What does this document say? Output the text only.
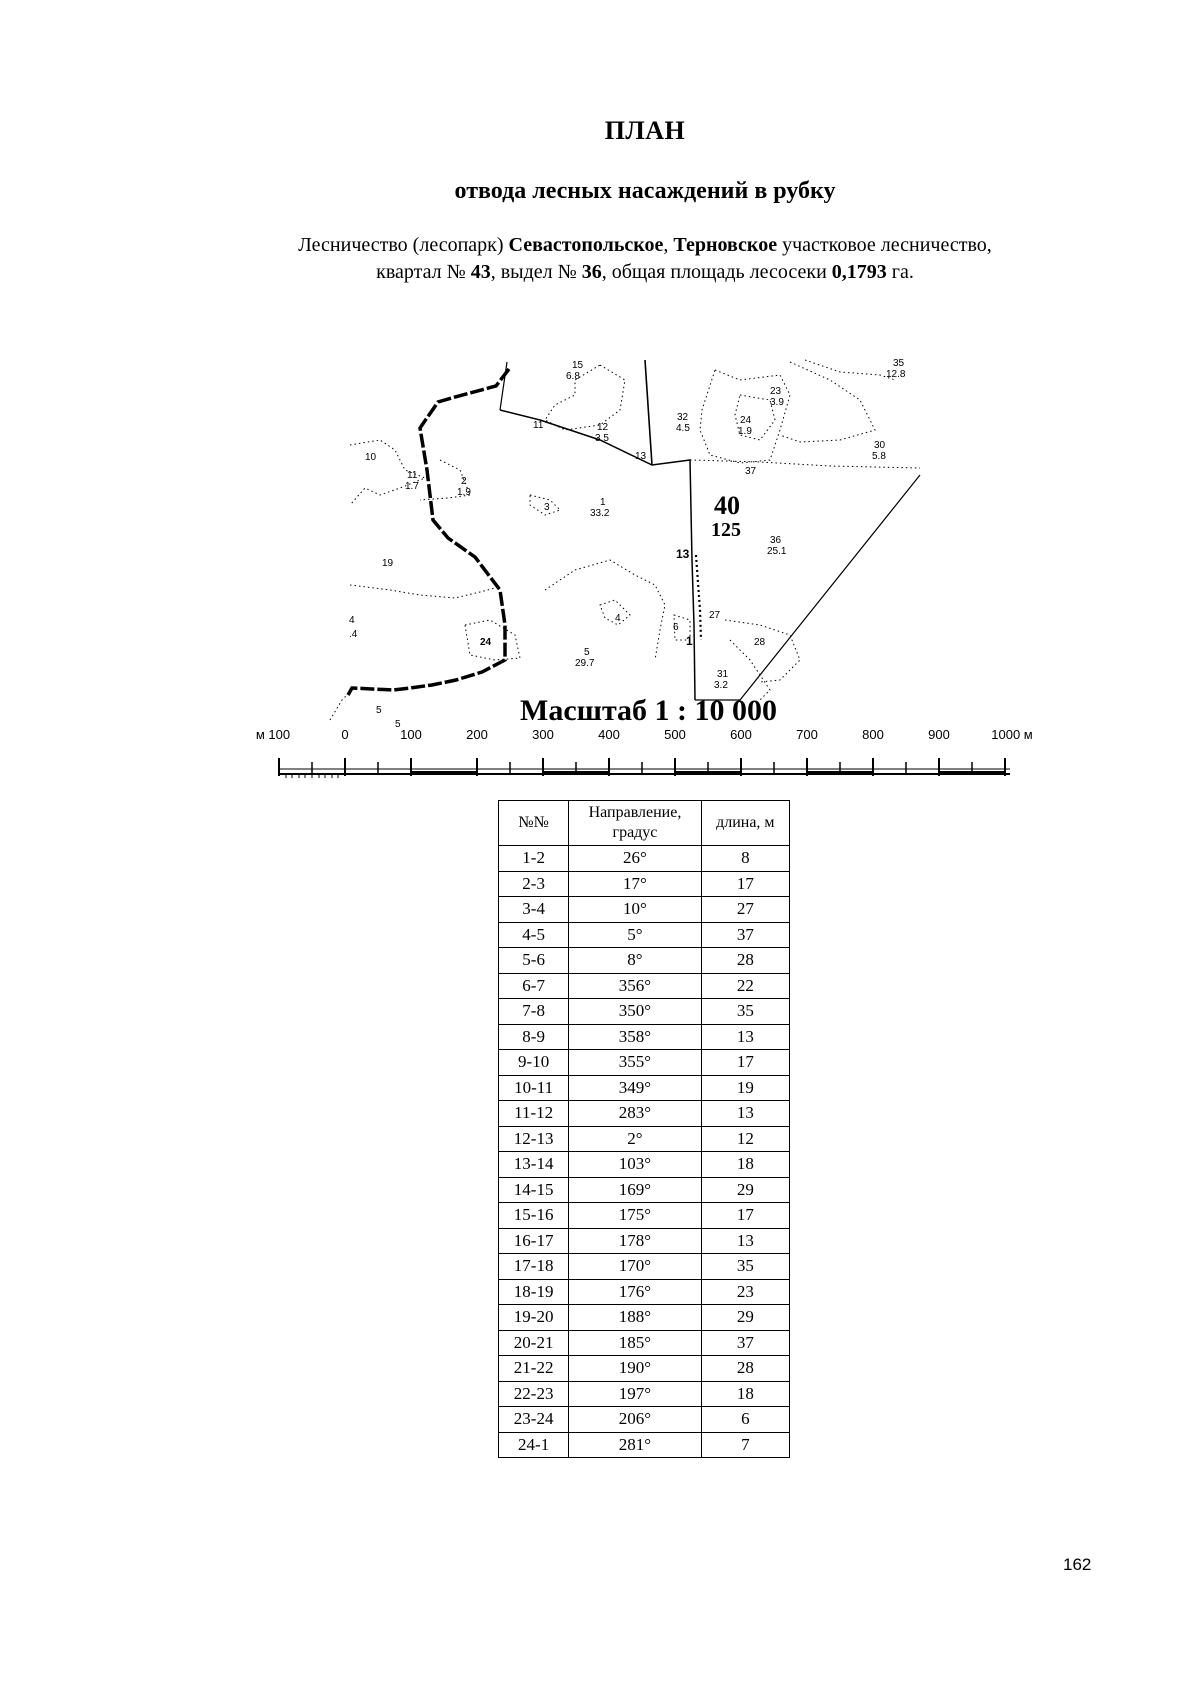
ПЛАН
отвода лесных насаждений в рубку
Лесничество (лесопарк) Севастопольское, Терновское участковое лесничество,
квартал № 43, выдел № 36, общая площадь лесосеки 0,1793 га.
15
6.8
35
12.8
23
3.9
11	12
3.5
32
4.5
24
1.9
30
5.8
10	13
37
11
1.7	2
1.9
3	1
33.2
36
25.1
19
13
4
6
27
4
.4
24
5
29.7
28
1
31
3.2
5
5
40
125
Масштаб 1 : 10 000
м 100	0	100	200	300	400	500	600	700	800	900	1000 м
№№	Направление, градус	длина, м
1-2	26°	8
2-3	17°	17
3-4	10°	27
4-5	5°	37
5-6	8°	28
6-7	356°	22
7-8	350°	35
8-9	358°	13
9-10	355°	17
10-11	349°	19
11-12	283°	13
12-13	2°	12
13-14	103°	18
14-15	169°	29
15-16	175°	17
16-17	178°	13
17-18	170°	35
18-19	176°	23
19-20	188°	29
20-21	185°	37
21-22	190°	28
22-23	197°	18
23-24	206°	6
24-1	281°	7
162
